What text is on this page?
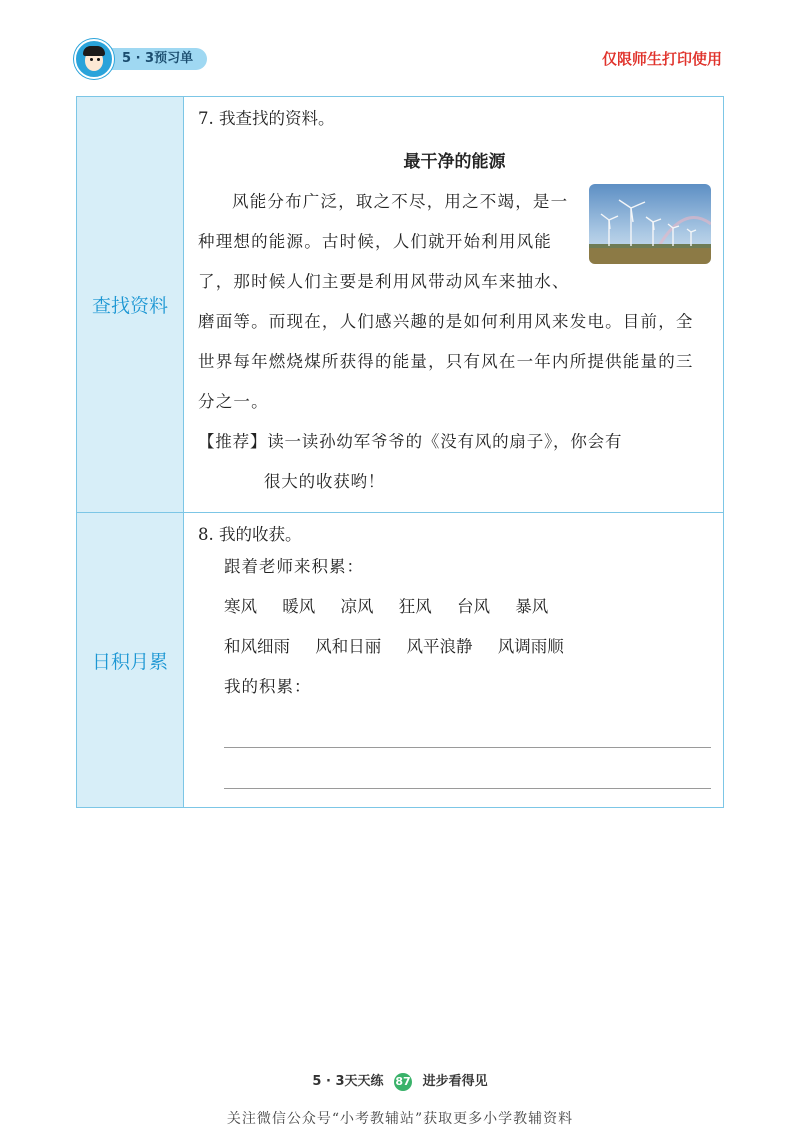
5 · 3预习单	仅限师生打印使用
查找资料	7. 我查找的资料。
最干净的能源
风能分布广泛，取之不尽，用之不竭，是一种理想的能源。古时候，人们就开始利用风能了，那时候人们主要是利用风带动风车来抽水、磨面等。而现在，人们感兴趣的是如何利用风来发电。目前，全世界每年燃烧煤所获得的能量，只有风在一年内所提供能量的三分之一。
【推荐】读一读孙幼军爷爷的《没有风的扇子》，你会有
很大的收获哟！

日积月累	8. 我的收获。
跟着老师来积累：
寒风 暖风 凉风 狂风 台风 暴风
和风细雨 风和日丽 风平浪静 风调雨顺
我的积累：
5 · 3天天练 87 进步看得见
关注微信公众号“小考教辅站”获取更多小学教辅资料
